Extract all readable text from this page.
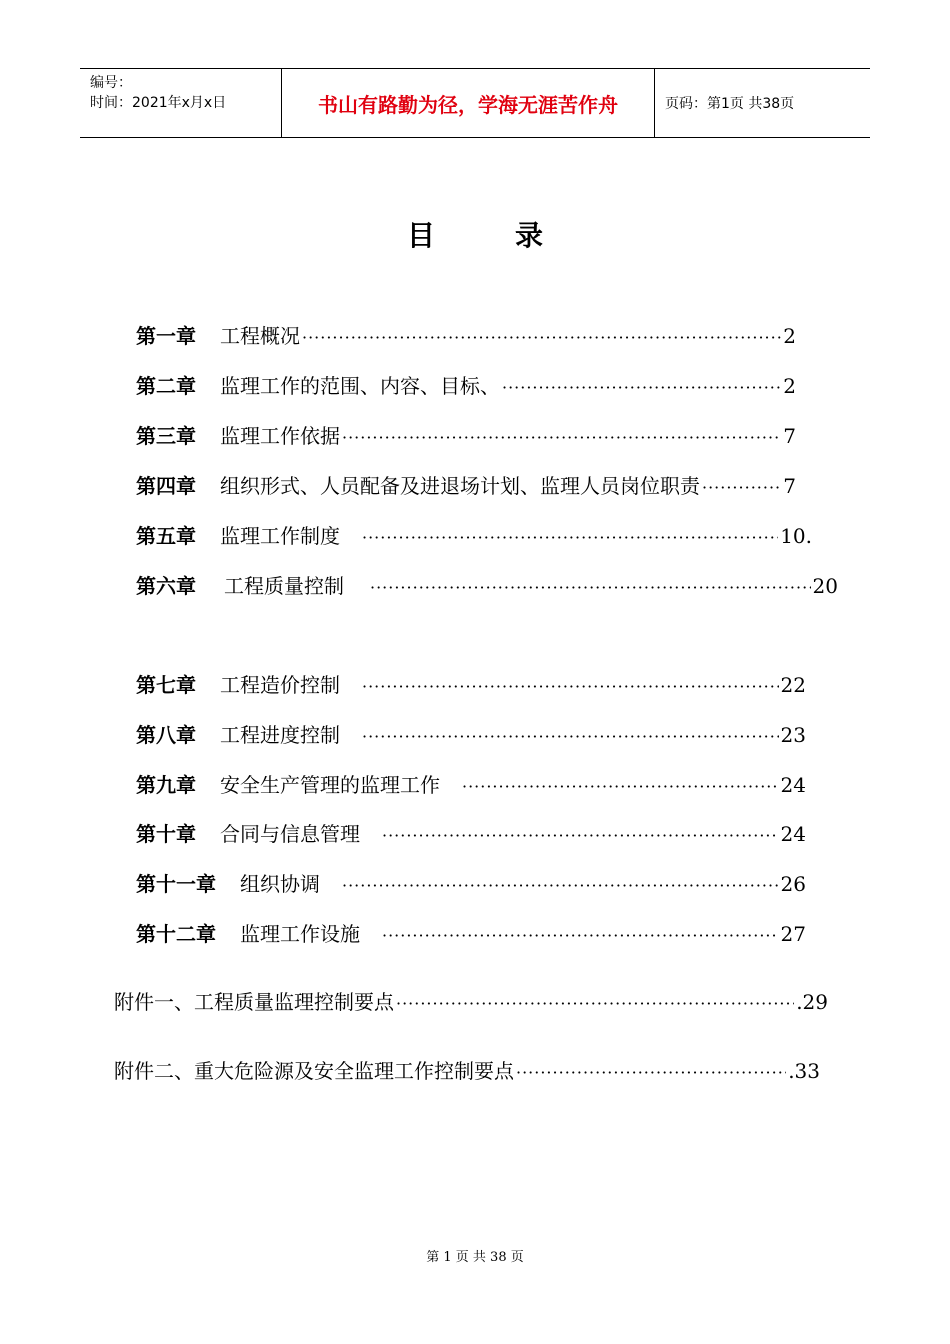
编号：
时间：2021年x月x日	书山有路勤为径，学海无涯苦作舟	页码：第1页 共38页
目录
第一章 工程概况 ·····	2
第二章 监理工作的范围、内容、目标、 ·····	2
第三章 监理工作依据 ·····	7
第四章 组织形式、人员配备及进退场计划、监理人员岗位职责 ·····	7
第五章 监理工作制度 ·····	10.
第六章 工程质量控制 ·····	20
第七章 工程造价控制 ·····	22
第八章 工程进度控制 ·····	23
第九章 安全生产管理的监理工作 ·····	24
第十章 合同与信息管理 ·····	24
第十一章 组织协调 ·····	26
第十二章 监理工作设施 ·····	27
附件一、工程质量监理控制要点 ·····	.29
附件二、重大危险源及安全监理工作控制要点 ·····	.33
第 1 页 共 38 页
